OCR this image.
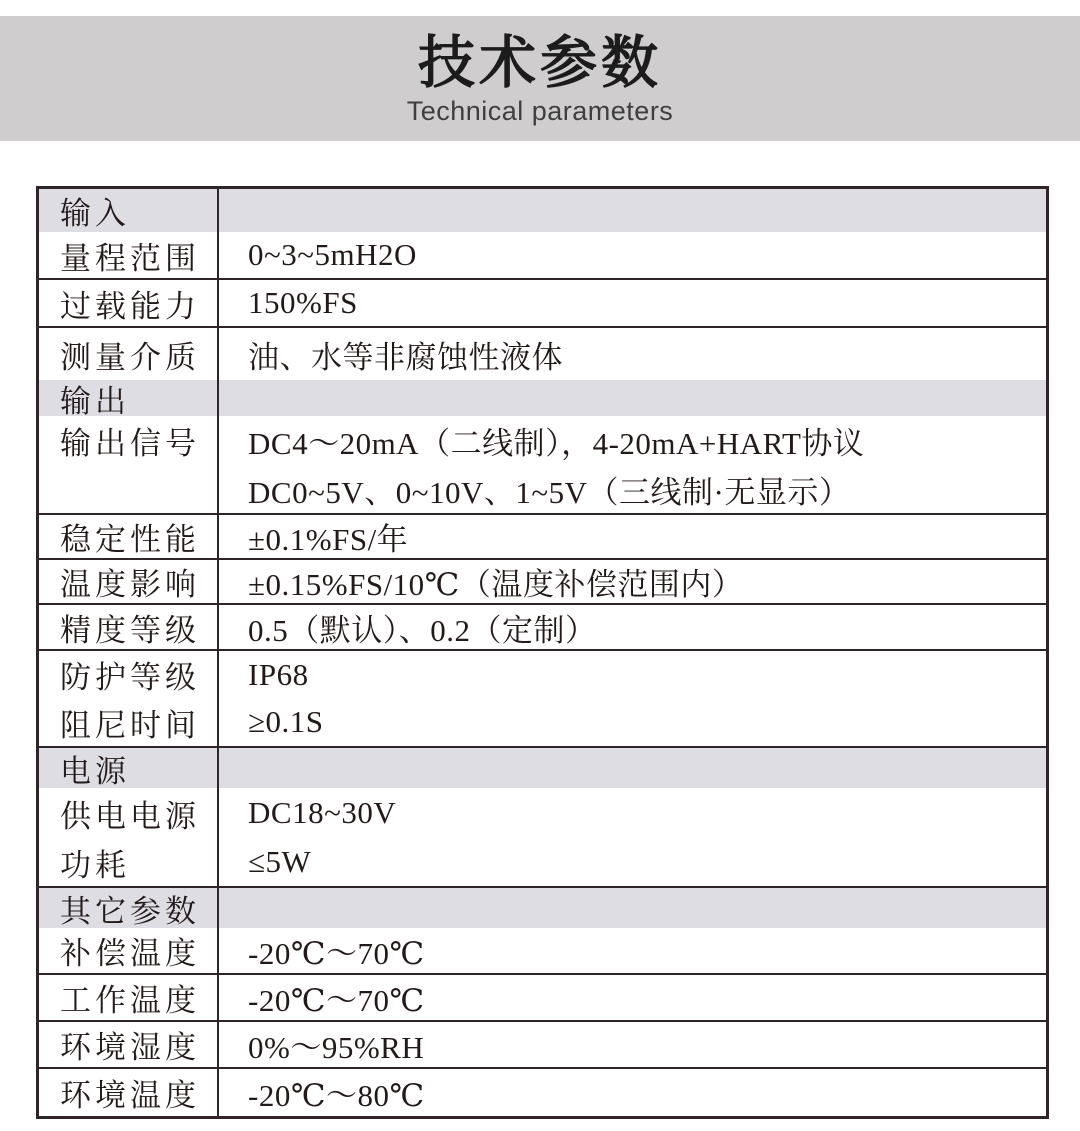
技术参数
Technical parameters
输入
量程范围	0~3~5mH2O
过载能力	150%FS
测量介质	油、水等非腐蚀性液体
输出
输出信号	DC4～20mA（二线制），4-20mA+HART协议
DC0~5V、0~10V、1~5V（三线制·无显示）
稳定性能	±0.1%FS/年
温度影响	±0.15%FS/10℃（温度补偿范围内）
精度等级	0.5（默认）、0.2（定制）
防护等级	IP68
阻尼时间	≥0.1S
电源
供电电源	DC18~30V
功耗	≤5W
其它参数
补偿温度	-20℃～70℃
工作温度	-20℃～70℃
环境湿度	0%～95%RH
环境温度	-20℃～80℃
